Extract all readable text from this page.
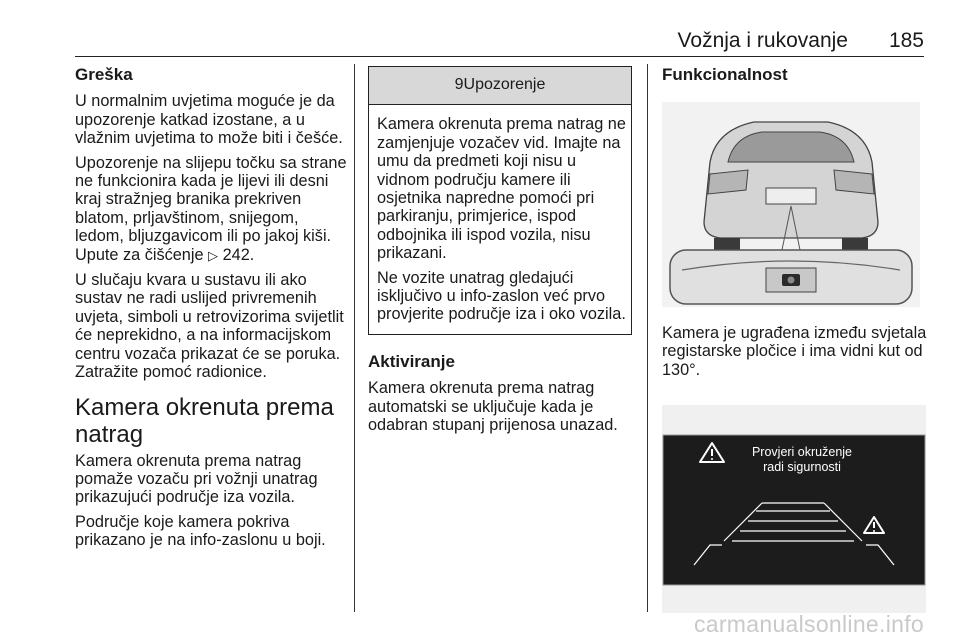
Vožnja i rukovanje 185
Greška

U normalnim uvjetima moguće je da upozorenje katkad izostane, a u vlažnim uvjetima to može biti i češće.

Upozorenje na slijepu točku sa strane ne funkcionira kada je lijevi ili desni kraj stražnjeg branika prekriven blatom, prljavštinom, snijegom, ledom, bljuzgavicom ili po jakoj kiši. Upute za čišćenje ▷ 242.

U slučaju kvara u sustavu ili ako sustav ne radi uslijed privremenih uvjeta, simboli u retrovizorima svijetlit će neprekidno, a na informacijskom centru vozača prikazat će se poruka. Zatražite pomoć radionice.

Kamera okrenuta prema natrag

Kamera okrenuta prema natrag pomaže vozaču pri vožnji unatrag prikazujući područje iza vozila.

Područje koje kamera pokriva prikazano je na info-zaslonu u boji.

9Upozorenje

Kamera okrenuta prema natrag ne zamjenjuje vozačev vid. Imajte na umu da predmeti koji nisu u vidnom području kamere ili osjetnika napredne pomoći pri parkiranju, primjerice, ispod odbojnika ili ispod vozila, nisu prikazani.

Ne vozite unatrag gledajući isključivo u info-zaslon već prvo provjerite područje iza i oko vozila.

Aktiviranje

Kamera okrenuta prema natrag automatski se uključuje kada je odabran stupanj prijenosa unazad.

Funkcionalnost

Kamera je ugrađena između svjetala registarske pločice i ima vidni kut od 130°.

Provjeri okruženje
radi sigurnosti
carmanualsonline.info
